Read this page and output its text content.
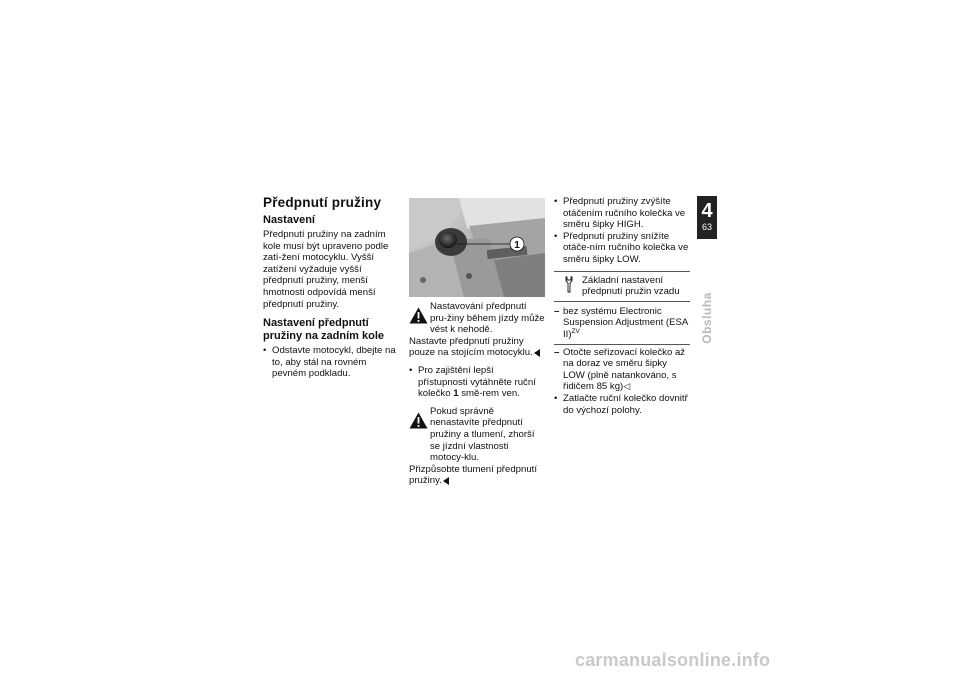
Předpnutí pružiny
Nastavení

Předpnutí pružiny na zadním kole musí být upraveno podle zatí-žení motocyklu. Vyšší zatížení vyžaduje vyšší předpnutí pružiny, menší hmotnosti odpovídá menší předpnutí pružiny.

Nastavení předpnutí pružiny na zadním kole
• Odstavte motocykl, dbejte na to, aby stál na rovném pevném podkladu.
1
Nastavování předpnutí pru-žiny během jízdy může vést k nehodě.

Nastavte předpnutí pružiny pouze na stojícím motocyklu.

• Pro zajištění lepší přístupnosti vytáhněte ruční kolečko 1 smě-rem ven.
Pokud správně nenastavíte předpnutí pružiny a tlumení, zhorší se jízdní vlastnosti motocy-klu.

Přizpůsobte tlumení předpnutí pružiny.

• Předpnutí pružiny zvýšíte otáčením ručního kolečka ve směru šipky HIGH.
• Předpnutí pružiny snížíte otáče-ním ručního kolečka ve směru šipky LOW.
Základní nastavení předpnutí pružin vzadu
– bez systému Electronic Suspension Adjustment (ESA II)$^{ZV}$
– Otočte seřizovací kolečko až na doraz ve směru šipky LOW (plně natankováno, s řidičem 85 kg)◁
• Zatlačte ruční kolečko dovnitř do výchozí polohy.
4
63
Obsluha
carmanualsonline.info
